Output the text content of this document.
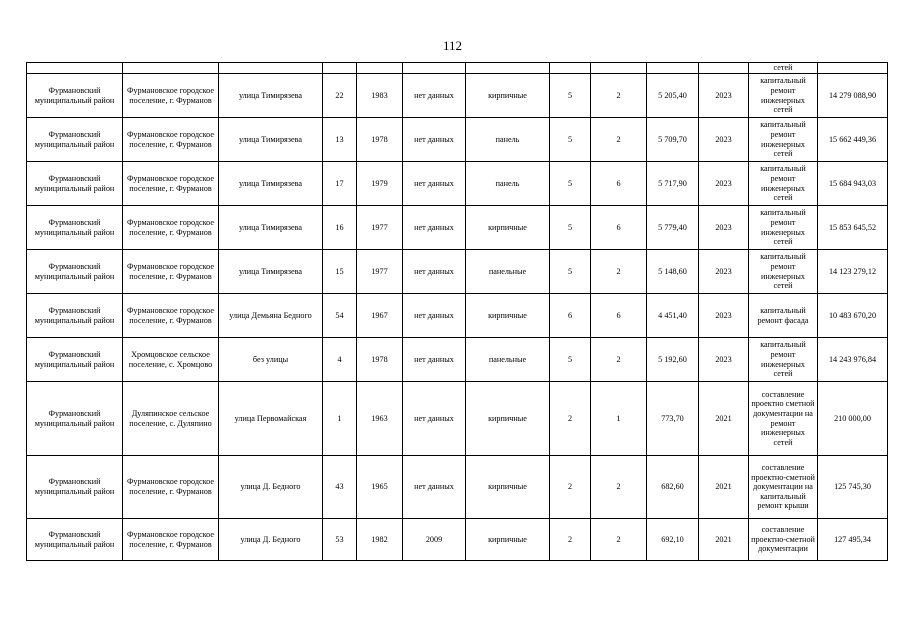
112
											сетей	
Фурмановский муниципальный район	Фурмановское городское поселение, г. Фурманов	улица Тимирязева	22	1983	нет данных	кирпичные	5	2	5 205,40	2023	капитальный ремонт инженерных сетей	14 279 088,90
Фурмановский муниципальный район	Фурмановское городское поселение, г. Фурманов	улица Тимирязева	13	1978	нет данных	панель	5	2	5 709,70	2023	капитальный ремонт инженерных сетей	15 662 449,36
Фурмановский муниципальный район	Фурмановское городское поселение, г. Фурманов	улица Тимирязева	17	1979	нет данных	панель	5	6	5 717,90	2023	капитальный ремонт инженерных сетей	15 684 943,03
Фурмановский муниципальный район	Фурмановское городское поселение, г. Фурманов	улица Тимирязева	16	1977	нет данных	кирпичные	5	6	5 779,40	2023	капитальный ремонт инженерных сетей	15 853 645,52
Фурмановский муниципальный район	Фурмановское городское поселение, г. Фурманов	улица Тимирязева	15	1977	нет данных	панельные	5	2	5 148,60	2023	капитальный ремонт инженерных сетей	14 123 279,12
Фурмановский муниципальный район	Фурмановское городское поселение, г. Фурманов	улица Демьяна Бедного	54	1967	нет данных	кирпичные	6	6	4 451,40	2023	капитальный ремонт фасада	10 483 670,20
Фурмановский муниципальный район	Хромцовское сельское поселение, с. Хромцово	без улицы	4	1978	нет данных	панельные	5	2	5 192,60	2023	капитальный ремонт инженерных сетей	14 243 976,84
Фурмановский муниципальный район	Дуляпинское сельское поселение, с. Дуляпино	улица Первомайская	1	1963	нет данных	кирпичные	2	1	773,70	2021	составление проектно сметной документации на ремонт инженерных сетей	210 000,00
Фурмановский муниципальный район	Фурмановское городское поселение, г. Фурманов	улица Д. Бедного	43	1965	нет данных	кирпичные	2	2	682,60	2021	составление проектно-сметной документации на капитальный ремонт крыши	125 745,30
Фурмановский муниципальный район	Фурмановское городское поселение, г. Фурманов	улица Д. Бедного	53	1982	2009	кирпичные	2	2	692,10	2021	составление проектно-сметной документации	127 495,34
